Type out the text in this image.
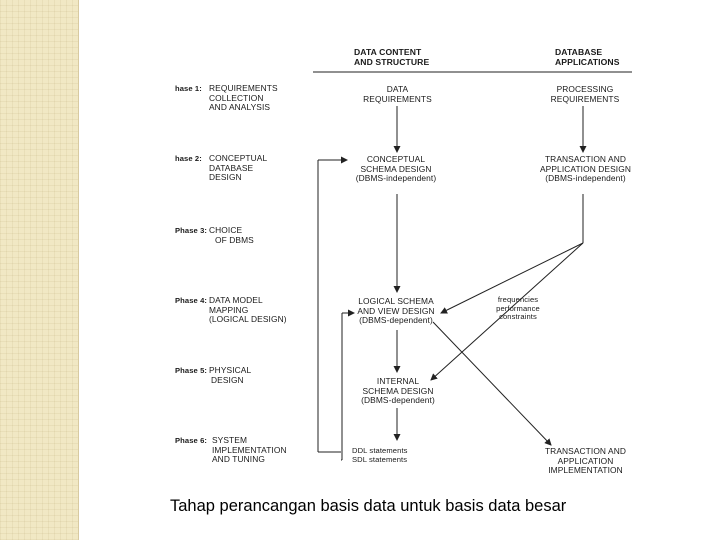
DATA CONTENT
AND STRUCTURE
DATABASE
APPLICATIONS
hase 1: REQUIREMENTS
COLLECTION
AND ANALYSIS
hase 2: CONCEPTUAL
DATABASE
DESIGN
Phase 3: CHOICE
OF DBMS
Phase 4: DATA MODEL
MAPPING
(LOGICAL DESIGN)
Phase 5: PHYSICAL
DESIGN
Phase 6: SYSTEM
IMPLEMENTATION
AND TUNING
DATA
REQUIREMENTS
CONCEPTUAL
SCHEMA DESIGN
(DBMS-independent)
LOGICAL SCHEMA
AND VIEW DESIGN
(DBMS-dependent)
INTERNAL
SCHEMA DESIGN
(DBMS-dependent)
DDL statements
SDL statements
PROCESSING
REQUIREMENTS
TRANSACTION AND
APPLICATION DESIGN
(DBMS-independent)
frequencies
performance
constraints
TRANSACTION AND
APPLICATION
IMPLEMENTATION
Tahap perancangan basis data untuk basis data besar
